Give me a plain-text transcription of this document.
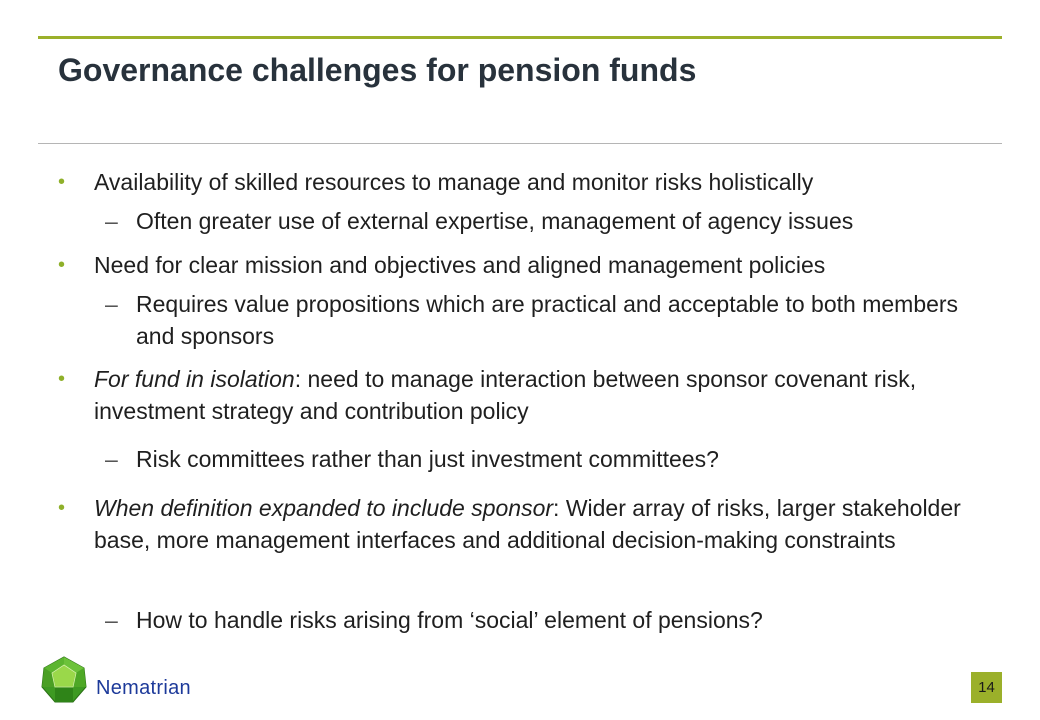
Governance challenges for pension funds
• Availability of skilled resources to manage and monitor risks holistically
– Often greater use of external expertise, management of agency issues
• Need for clear mission and objectives and aligned management policies
– Requires value propositions which are practical and acceptable to both members and sponsors
• For fund in isolation: need to manage interaction between sponsor covenant risk, investment strategy and contribution policy
– Risk committees rather than just investment committees?
• When definition expanded to include sponsor: Wider array of risks, larger stakeholder base, more management interfaces and additional decision-making constraints
– How to handle risks arising from ‘social’ element of pensions?
Nematrian	14
